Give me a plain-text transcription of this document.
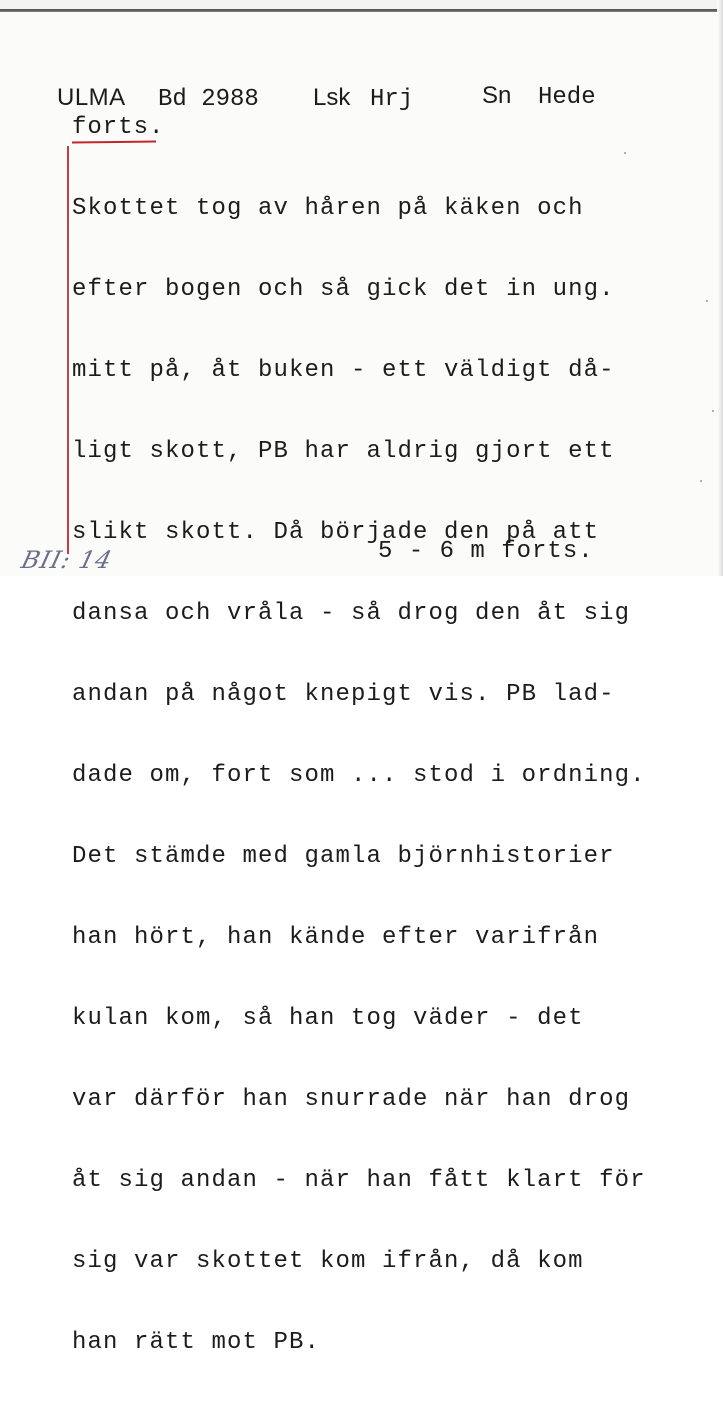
ULMA Bd 2988 Lsk Hrj	Sn Hede
forts.

Skottet tog av håren på käken och

efter bogen och så gick det in ung.

mitt på, åt buken - ett väldigt då-

ligt skott, PB har aldrig gjort ett

slikt skott. Då började den på att

dansa och vråla - så drog den åt sig

andan på något knepigt vis. PB lad-

dade om, fort som ... stod i ordning.

Det stämde med gamla björnhistorier

han hört, han kände efter varifrån

kulan kom, så han tog väder - det

var därför han snurrade när han drog

åt sig andan - när han fått klart för

sig var skottet kom ifrån, då kom

han rätt mot PB.

5 - 6 m forts.
BII: 14
